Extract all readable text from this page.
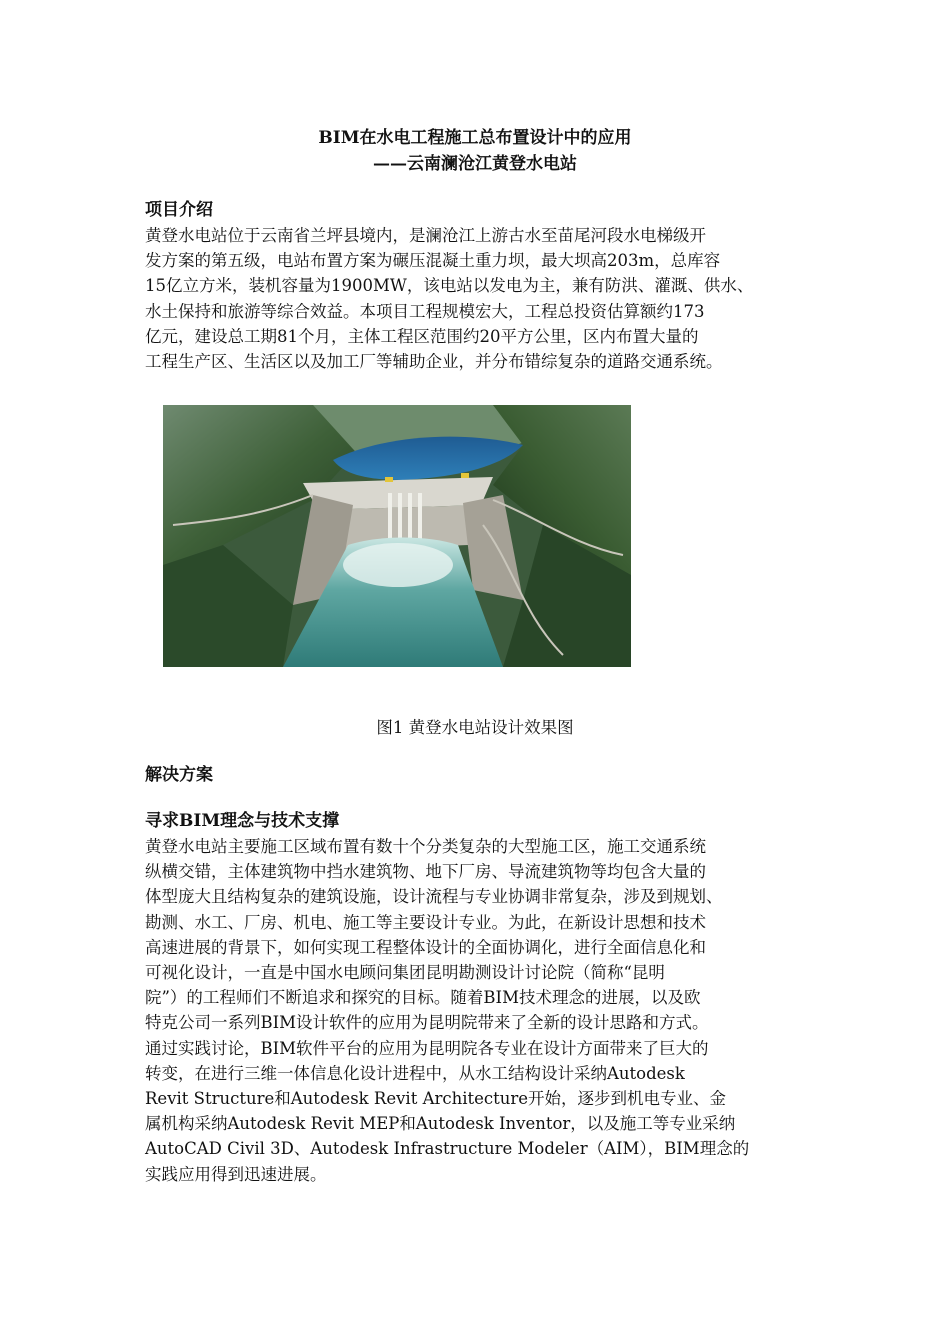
BIM在水电工程施工总布置设计中的应用
——云南澜沧江黄登水电站

项目介绍

黄登水电站位于云南省兰坪县境内，是澜沧江上游古水至苗尾河段水电梯级开
发方案的第五级，电站布置方案为碾压混凝土重力坝，最大坝高203m，总库容
15亿立方米，装机容量为1900MW，该电站以发电为主，兼有防洪、灌溉、供水、
水土保持和旅游等综合效益。本项目工程规模宏大，工程总投资估算额约173
亿元，建设总工期81个月，主体工程区范围约20平方公里，区内布置大量的
工程生产区、生活区以及加工厂等辅助企业，并分布错综复杂的道路交通系统。

图1 黄登水电站设计效果图

解决方案

寻求BIM理念与技术支撑

黄登水电站主要施工区域布置有数十个分类复杂的大型施工区，施工交通系统
纵横交错，主体建筑物中挡水建筑物、地下厂房、导流建筑物等均包含大量的
体型庞大且结构复杂的建筑设施，设计流程与专业协调非常复杂，涉及到规划、
勘测、水工、厂房、机电、施工等主要设计专业。为此，在新设计思想和技术
高速进展的背景下，如何实现工程整体设计的全面协调化，进行全面信息化和
可视化设计，一直是中国水电顾问集团昆明勘测设计讨论院（简称“昆明
院”）的工程师们不断追求和探究的目标。随着BIM技术理念的进展，以及欧
特克公司一系列BIM设计软件的应用为昆明院带来了全新的设计思路和方式。
通过实践讨论，BIM软件平台的应用为昆明院各专业在设计方面带来了巨大的
转变，在进行三维一体信息化设计进程中，从水工结构设计采纳Autodesk
Revit Structure和Autodesk Revit Architecture开始，逐步到机电专业、金
属机构采纳Autodesk Revit MEP和Autodesk Inventor，以及施工等专业采纳
AutoCAD Civil 3D、Autodesk Infrastructure Modeler（AIM），BIM理念的
实践应用得到迅速进展。
